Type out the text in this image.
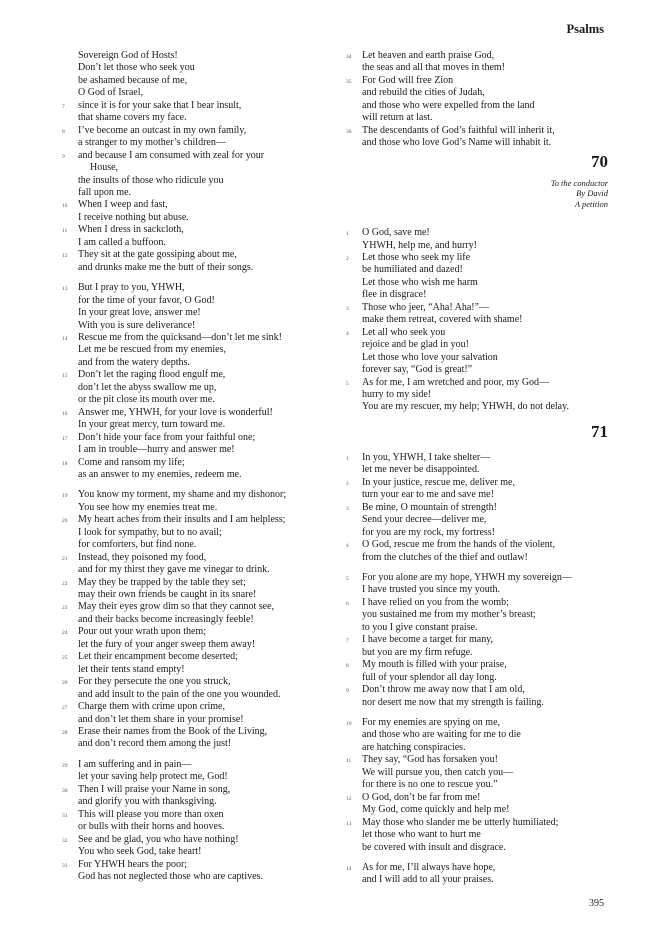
Psalms
Sovereign God of Hosts!
Don’t let those who seek you
be ashamed because of me,
O God of Israel,
7 since it is for your sake that I bear insult,
that shame covers my face.
8 I’ve become an outcast in my own family,
a stranger to my mother’s children—
9 and because I am consumed with zeal for your
House,
the insults of those who ridicule you
fall upon me.
10 When I weep and fast,
I receive nothing but abuse.
11 When I dress in sackcloth,
I am called a buffoon.
12 They sit at the gate gossiping about me,
and drunks make me the butt of their songs.
13 But I pray to you, YHWH,
for the time of your favor, O God!
In your great love, answer me!
With you is sure deliverance!
14 Rescue me from the quicksand—don’t let me sink!
Let me be rescued from my enemies,
and from the watery depths.
15 Don’t let the raging flood engulf me,
don’t let the abyss swallow me up,
or the pit close its mouth over me.
16 Answer me, YHWH, for your love is wonderful!
In your great mercy, turn toward me.
17 Don’t hide your face from your faithful one;
I am in trouble—hurry and answer me!
18 Come and ransom my life;
as an answer to my enemies, redeem me.
19 You know my torment, my shame and my dishonor;
You see how my enemies treat me.
20 My heart aches from their insults and I am helpless;
I look for sympathy, but to no avail;
for comforters, but find none.
21 Instead, they poisoned my food,
and for my thirst they gave me vinegar to drink.
22 May they be trapped by the table they set;
may their own friends be caught in its snare!
23 May their eyes grow dim so that they cannot see,
and their backs become increasingly feeble!
24 Pour out your wrath upon them;
let the fury of your anger sweep them away!
25 Let their encampment become deserted;
let their tents stand empty!
26 For they persecute the one you struck,
and add insult to the pain of the one you wounded.
27 Charge them with crime upon crime,
and don’t let them share in your promise!
28 Erase their names from the Book of the Living,
and don’t record them among the just!
29 I am suffering and in pain—
let your saving help protect me, God!
30 Then I will praise your Name in song,
and glorify you with thanksgiving.
31 This will please you more than oxen
or bulls with their horns and hooves.
32 See and be glad, you who have nothing!
You who seek God, take heart!
33 For YHWH hears the poor;
God has not neglected those who are captives.
34 Let heaven and earth praise God,
the seas and all that moves in them!
35 For God will free Zion
and rebuild the cities of Judah,
and those who were expelled from the land
will return at last.
36 The descendants of God’s faithful will inherit it,
and those who love God’s Name will inhabit it.
70
To the conductor
By David
A petition
1 O God, save me!
YHWH, help me, and hurry!
2 Let those who seek my life
be humiliated and dazed!
Let those who wish me harm
flee in disgrace!
3 Those who jeer, “Aha! Aha!”—
make them retreat, covered with shame!
4 Let all who seek you
rejoice and be glad in you!
Let those who love your salvation
forever say, “God is great!”
5 As for me, I am wretched and poor, my God—
hurry to my side!
You are my rescuer, my help; YHWH, do not delay.
71
1 In you, YHWH, I take shelter—
let me never be disappointed.
2 In your justice, rescue me, deliver me,
turn your ear to me and save me!
3 Be mine, O mountain of strength!
Send your decree—deliver me,
for you are my rock, my fortress!
4 O God, rescue me from the hands of the violent,
from the clutches of the thief and outlaw!
5 For you alone are my hope, YHWH my sovereign—
I have trusted you since my youth.
6 I have relied on you from the womb;
you sustained me from my mother’s breast;
to you I give constant praise.
7 I have become a target for many,
but you are my firm refuge.
8 My mouth is filled with your praise,
full of your splendor all day long.
9 Don’t throw me away now that I am old,
nor desert me now that my strength is failing.
10 For my enemies are spying on me,
and those who are waiting for me to die
are hatching conspiracies.
11 They say, “God has forsaken you!
We will pursue you, then catch you—
for there is no one to rescue you.”
12 O God, don’t be far from me!
My God, come quickly and help me!
13 May those who slander me be utterly humiliated;
let those who want to hurt me
be covered with insult and disgrace.
14 As for me, I’ll always have hope,
and I will add to all your praises.
395
